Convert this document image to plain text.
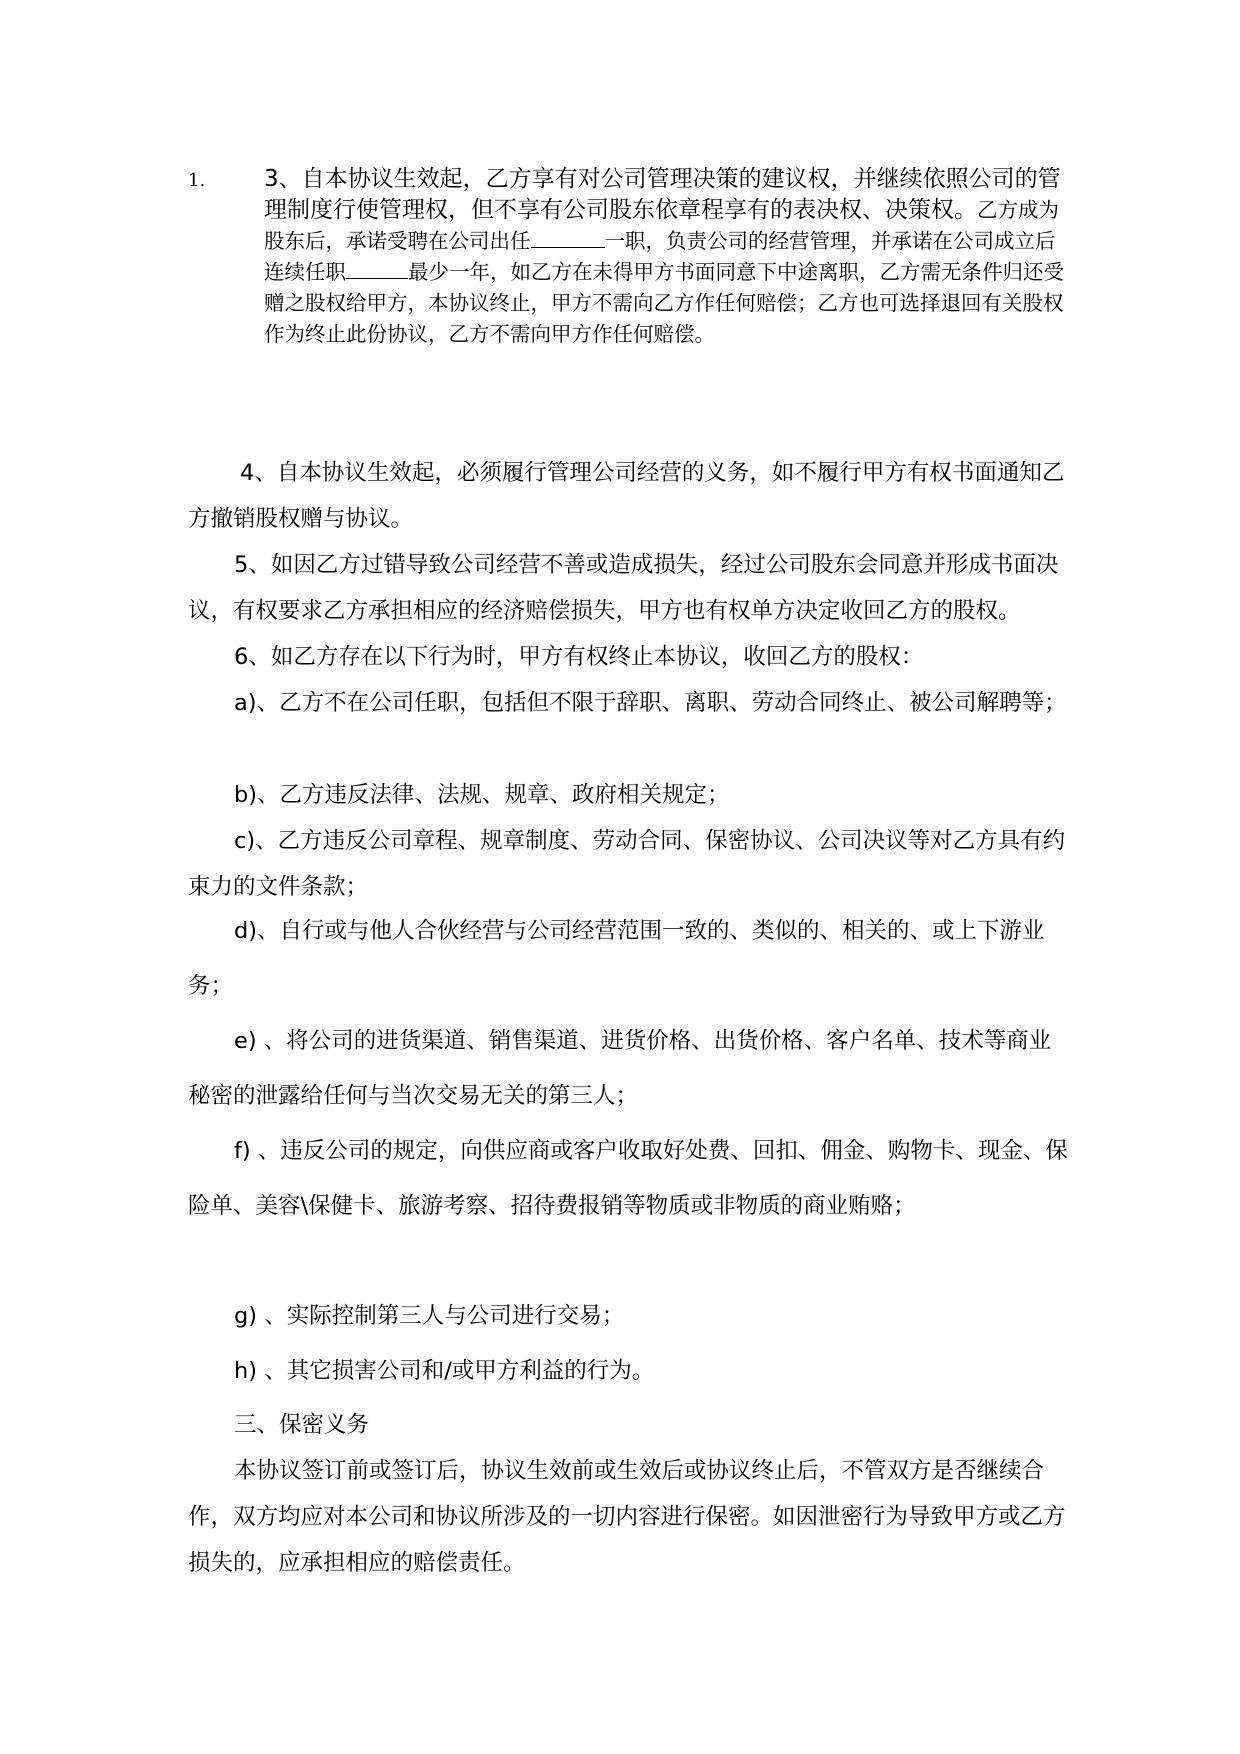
1.	3、自本协议生效起，乙方享有对公司管理决策的建议权，并继续依照公司的管理制度行使管理权，但不享有公司股东依章程享有的表决权、决策权。乙方成为股东后，承诺受聘在公司出任	一职，负责公司的经营管理，并承诺在公司成立后连续任职	最少一年，如乙方在未得甲方书面同意下中途离职，乙方需无条件归还受赠之股权给甲方，本协议终止，甲方不需向乙方作任何赔偿；乙方也可选择退回有关股权作为终止此份协议，乙方不需向甲方作任何赔偿。

4、自本协议生效起，必须履行管理公司经营的义务，如不履行甲方有权书面通知乙方撤销股权赠与协议。

5、如因乙方过错导致公司经营不善或造成损失，经过公司股东会同意并形成书面决议，有权要求乙方承担相应的经济赔偿损失，甲方也有权单方决定收回乙方的股权。

6、如乙方存在以下行为时，甲方有权终止本协议，收回乙方的股权：

a)、乙方不在公司任职，包括但不限于辞职、离职、劳动合同终止、被公司解聘等；

b)、乙方违反法律、法规、规章、政府相关规定；

c)、乙方违反公司章程、规章制度、劳动合同、保密协议、公司决议等对乙方具有约束力的文件条款；

d)、自行或与他人合伙经营与公司经营范围一致的、类似的、相关的、或上下游业务；

e) 、将公司的进货渠道、销售渠道、进货价格、出货价格、客户名单、技术等商业秘密的泄露给任何与当次交易无关的第三人；

f) 、违反公司的规定，向供应商或客户收取好处费、回扣、佣金、购物卡、现金、保险单、美容\保健卡、旅游考察、招待费报销等物质或非物质的商业贿赂；

g) 、实际控制第三人与公司进行交易；

h) 、其它损害公司和/或甲方利益的行为。

三、保密义务

本协议签订前或签订后，协议生效前或生效后或协议终止后，不管双方是否继续合作，双方均应对本公司和协议所涉及的一切内容进行保密。如因泄密行为导致甲方或乙方损失的，应承担相应的赔偿责任。
